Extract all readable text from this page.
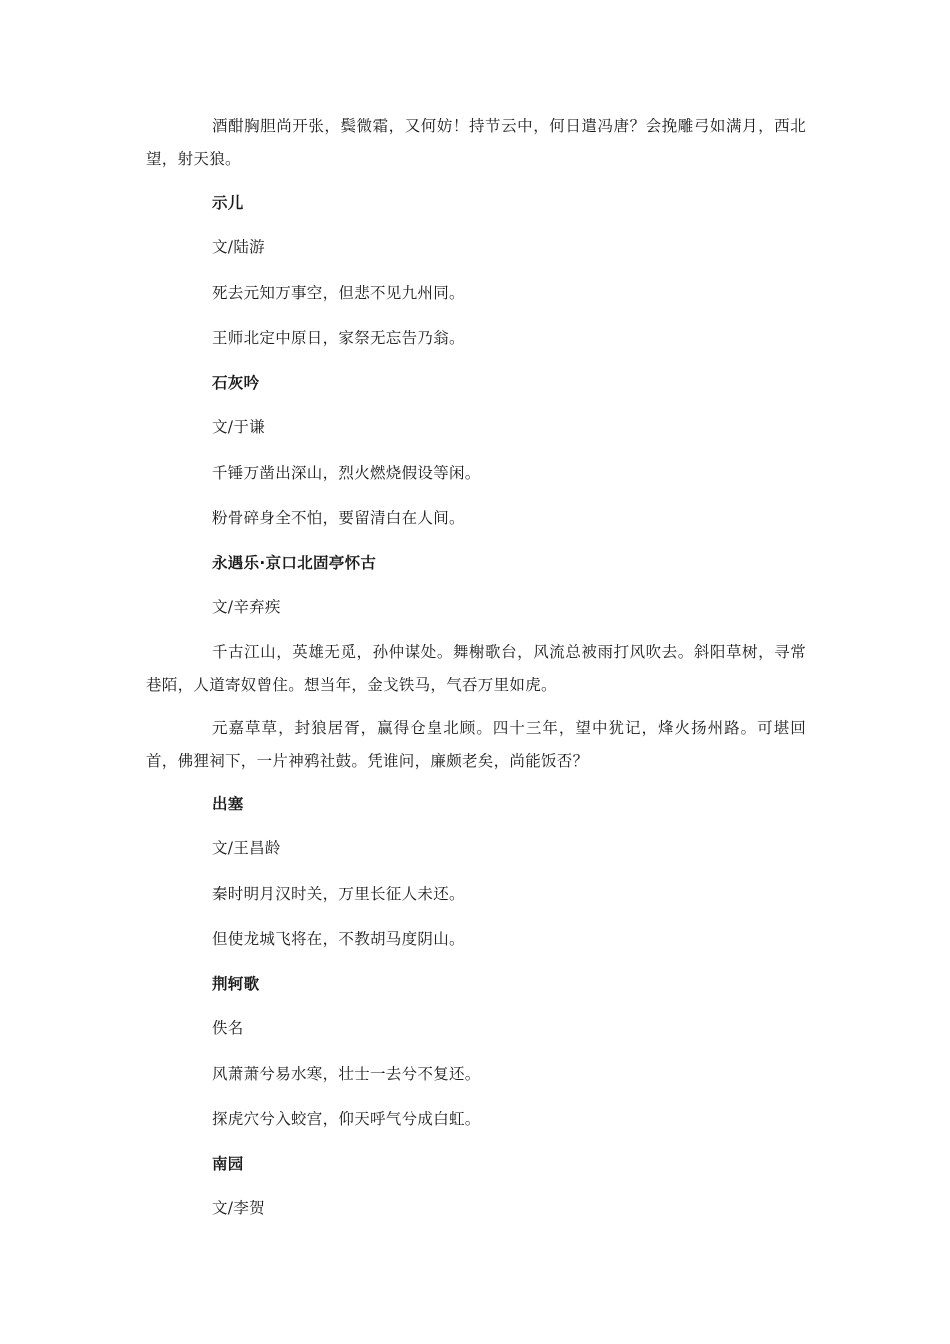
酒酣胸胆尚开张，鬓微霜，又何妨！持节云中，何日遣冯唐？会挽雕弓如满月，西北望，射天狼。

示儿

文/陆游

死去元知万事空，但悲不见九州同。

王师北定中原日，家祭无忘告乃翁。

石灰吟

文/于谦

千锤万凿出深山，烈火燃烧假设等闲。

粉骨碎身全不怕，要留清白在人间。

永遇乐·京口北固亭怀古

文/辛弃疾

千古江山，英雄无觅，孙仲谋处。舞榭歌台，风流总被雨打风吹去。斜阳草树，寻常巷陌，人道寄奴曾住。想当年，金戈铁马，气吞万里如虎。

元嘉草草，封狼居胥，赢得仓皇北顾。四十三年，望中犹记，烽火扬州路。可堪回首，佛狸祠下，一片神鸦社鼓。凭谁问，廉颇老矣，尚能饭否？

出塞

文/王昌龄

秦时明月汉时关，万里长征人未还。

但使龙城飞将在，不教胡马度阴山。

荆轲歌

佚名

风萧萧兮易水寒，壮士一去兮不复还。

探虎穴兮入蛟宫，仰天呼气兮成白虹。

南园

文/李贺
